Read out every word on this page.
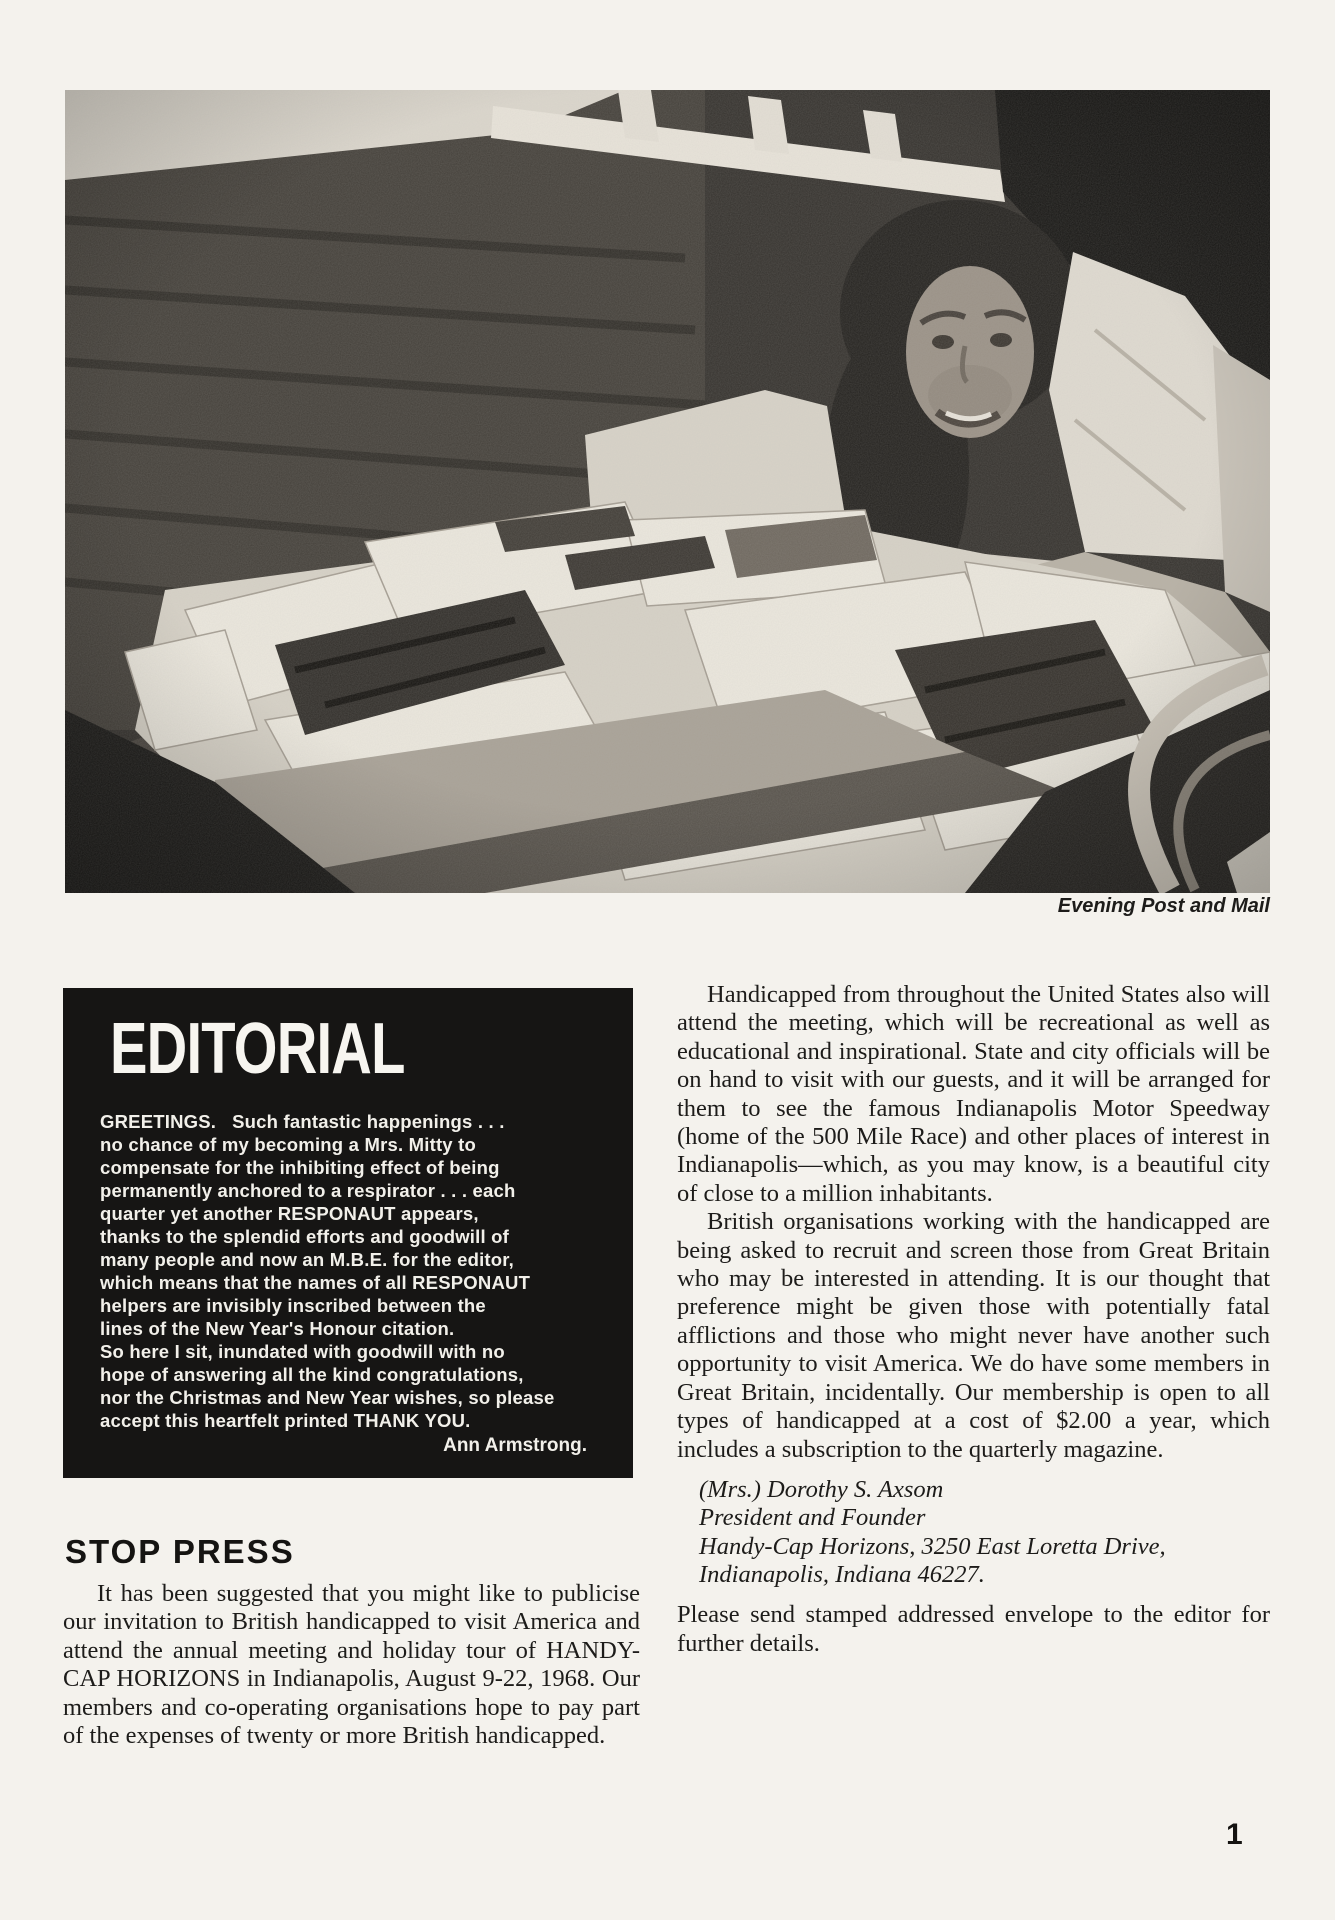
Evening Post and Mail
EDITORIAL
GREETINGS.   Such fantastic happenings . . .
no chance of my becoming a Mrs. Mitty to
compensate for the inhibiting effect of being
permanently anchored to a respirator . . . each
quarter yet another RESPONAUT appears,
thanks to the splendid efforts and goodwill of
many people and now an M.B.E. for the editor,
which means that the names of all RESPONAUT
helpers are invisibly inscribed between the
lines of the New Year's Honour citation.
So here I sit, inundated with goodwill with no
hope of answering all the kind congratulations,
nor the Christmas and New Year wishes, so please
accept this heartfelt printed THANK YOU.
Ann Armstrong.
STOP PRESS

It has been suggested that you might like to publicise our invitation to British handicapped to visit America and attend the annual meeting and holiday tour of HANDY-CAP HORIZONS in Indianapolis, August 9-22, 1968. Our members and co-operating organisations hope to pay part of the expenses of twenty or more British handicapped.

Handicapped from throughout the United States also will attend the meeting, which will be recreational as well as educational and inspirational. State and city officials will be on hand to visit with our guests, and it will be arranged for them to see the famous Indianapolis Motor Speedway (home of the 500 Mile Race) and other places of interest in Indianapolis—which, as you may know, is a beautiful city of close to a million inhabitants.

British organisations working with the handicapped are being asked to recruit and screen those from Great Britain who may be interested in attending. It is our thought that preference might be given those with potentially fatal afflictions and those who might never have another such opportunity to visit America. We do have some members in Great Britain, incidentally. Our membership is open to all types of handicapped at a cost of $2.00 a year, which includes a subscription to the quarterly magazine.

(Mrs.) Dorothy S. Axsom
President and Founder
Handy-Cap Horizons, 3250 East Loretta Drive,
Indianapolis, Indiana 46227.

Please send stamped addressed envelope to the editor for further details.

1
